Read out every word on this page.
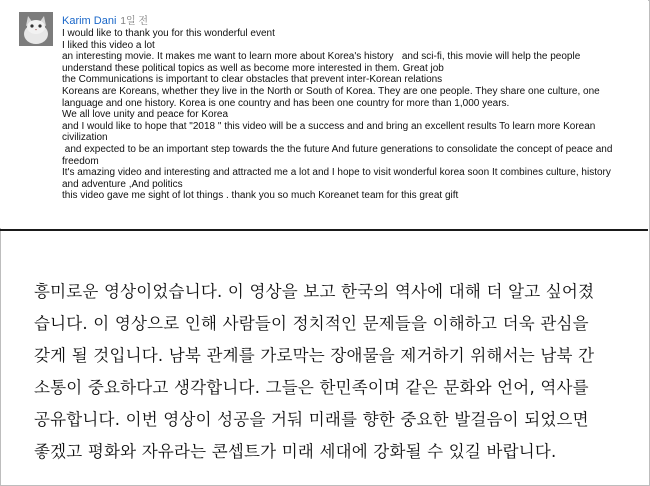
Karim Dani 1일 전
I would like to thank you for this wonderful event
I liked this video a lot
an interesting movie. It makes me want to learn more about Korea's history   and sci-fi, this movie will help the people
understand these political topics as well as become more interested in them. Great job
the Communications is important to clear obstacles that prevent inter-Korean relations
Koreans are Koreans, whether they live in the North or South of Korea. They are one people. They share one culture, one
language and one history. Korea is one country and has been one country for more than 1,000 years.
We all love unity and peace for Korea
and I would like to hope that "2018 " this video will be a success and and bring an excellent results To learn more Korean
civilization
and expected to be an important step towards the the future And future generations to consolidate the concept of peace and
freedom
It's amazing video and interesting and attracted me a lot and I hope to visit wonderful korea soon It combines culture, history
and adventure ,And politics
this video gave me sight of lot things . thank you so much Koreanet team for this great gift
흥미로운 영상이었습니다. 이 영상을 보고 한국의 역사에 대해 더 알고 싶어졌
습니다. 이 영상으로 인해 사람들이 정치적인 문제들을 이해하고 더욱 관심을
갖게 될 것입니다. 남북 관계를 가로막는 장애물을 제거하기 위해서는 남북 간
소통이 중요하다고 생각합니다. 그들은 한민족이며 같은 문화와 언어, 역사를
공유합니다. 이번 영상이 성공을 거둬 미래를 향한 중요한 발걸음이 되었으면
좋겠고 평화와 자유라는 콘셉트가 미래 세대에 강화될 수 있길 바랍니다.
